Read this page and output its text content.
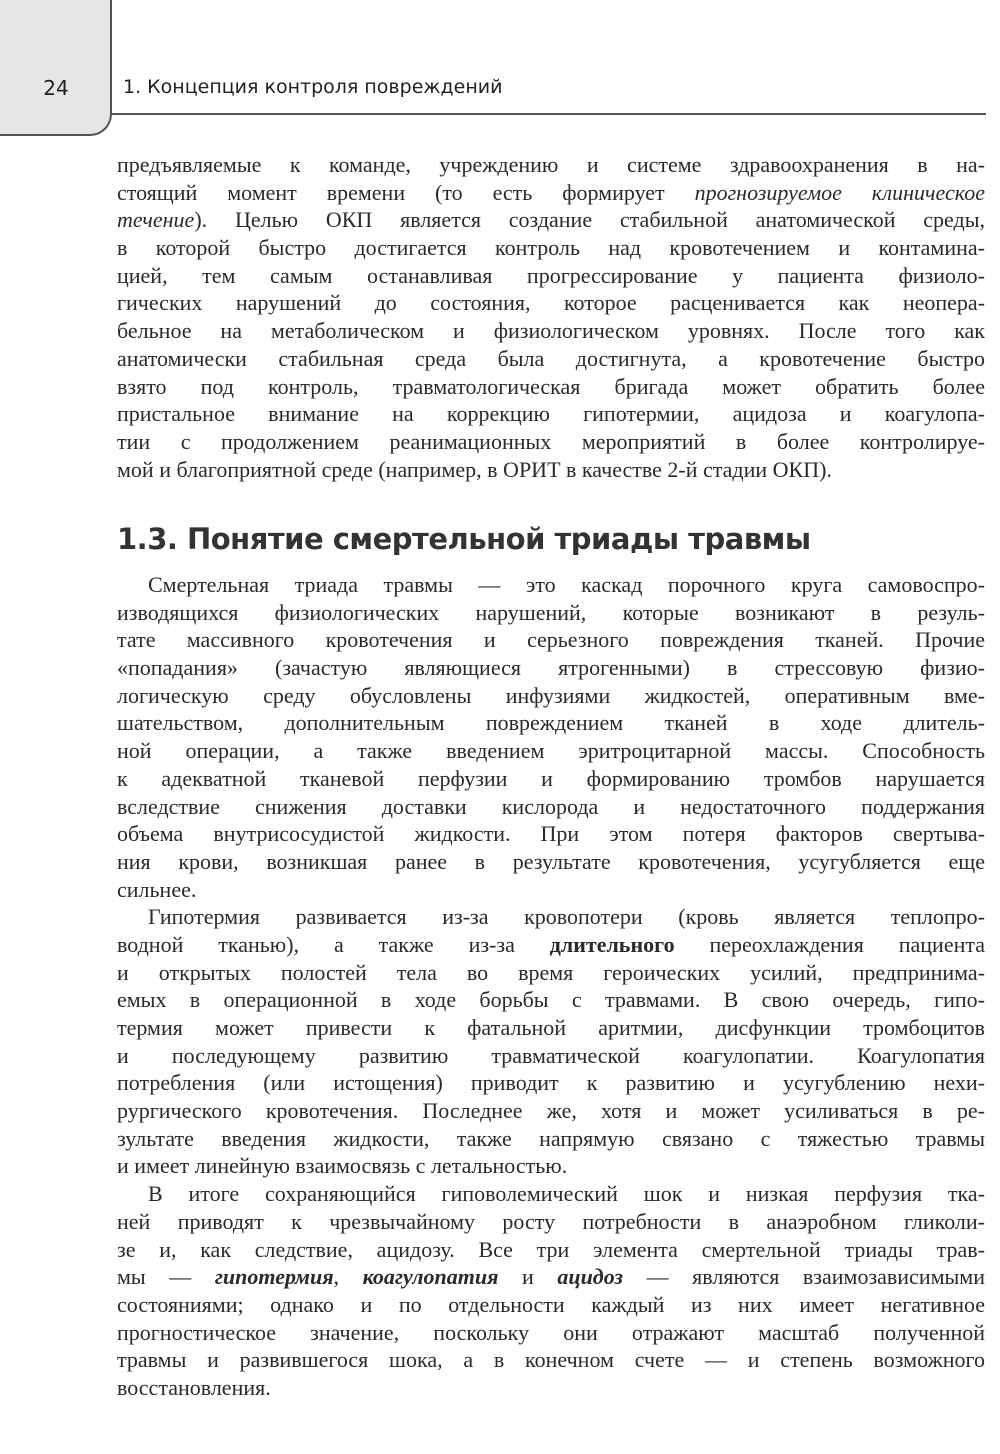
24	1. Концепция контроля повреждений
предъявляемые к команде, учреждению и системе здравоохранения в на-
стоящий момент времени (то есть формирует прогнозируемое клиническое
течение). Целью ОКП является создание стабильной анатомической среды,
в которой быстро достигается контроль над кровотечением и контамина-
цией, тем самым останавливая прогрессирование у пациента физиоло-
гических нарушений до состояния, которое расценивается как неопера-
бельное на метаболическом и физиологическом уровнях. После того как
анатомически стабильная среда была достигнута, а кровотечение быстро
взято под контроль, травматологическая бригада может обратить более
пристальное внимание на коррекцию гипотермии, ацидоза и коагулопа-
тии с продолжением реанимационных мероприятий в более контролируе-
мой и благоприятной среде (например, в ОРИТ в качестве 2-й стадии ОКП).
1.3. Понятие смертельной триады травмы
Смертельная триада травмы — это каскад порочного круга самовоспро-
изводящихся физиологических нарушений, которые возникают в резуль-
тате массивного кровотечения и серьезного повреждения тканей. Прочие
«попадания» (зачастую являющиеся ятрогенными) в стрессовую физио-
логическую среду обусловлены инфузиями жидкостей, оперативным вме-
шательством, дополнительным повреждением тканей в ходе длитель-
ной операции, а также введением эритроцитарной массы. Способность
к адекватной тканевой перфузии и формированию тромбов нарушается
вследствие снижения доставки кислорода и недостаточного поддержания
объема внутрисосудистой жидкости. При этом потеря факторов свертыва-
ния крови, возникшая ранее в результате кровотечения, усугубляется еще
сильнее.
Гипотермия развивается из-за кровопотери (кровь является теплопро-
водной тканью), а также из-за длительного переохлаждения пациента
и открытых полостей тела во время героических усилий, предпринима-
емых в операционной в ходе борьбы с травмами. В свою очередь, гипо-
термия может привести к фатальной аритмии, дисфункции тромбоцитов
и последующему развитию травматической коагулопатии. Коагулопатия
потребления (или истощения) приводит к развитию и усугублению нехи-
рургического кровотечения. Последнее же, хотя и может усиливаться в ре-
зультате введения жидкости, также напрямую связано с тяжестью травмы
и имеет линейную взаимосвязь с летальностью.
В итоге сохраняющийся гиповолемический шок и низкая перфузия тка-
ней приводят к чрезвычайному росту потребности в анаэробном гликоли-
зе и, как следствие, ацидозу. Все три элемента смертельной триады трав-
мы — гипотермия, коагулопатия и ацидоз — являются взаимозависимыми
состояниями; однако и по отдельности каждый из них имеет негативное
прогностическое значение, поскольку они отражают масштаб полученной
травмы и развившегося шока, а в конечном счете — и степень возможного
восстановления.
